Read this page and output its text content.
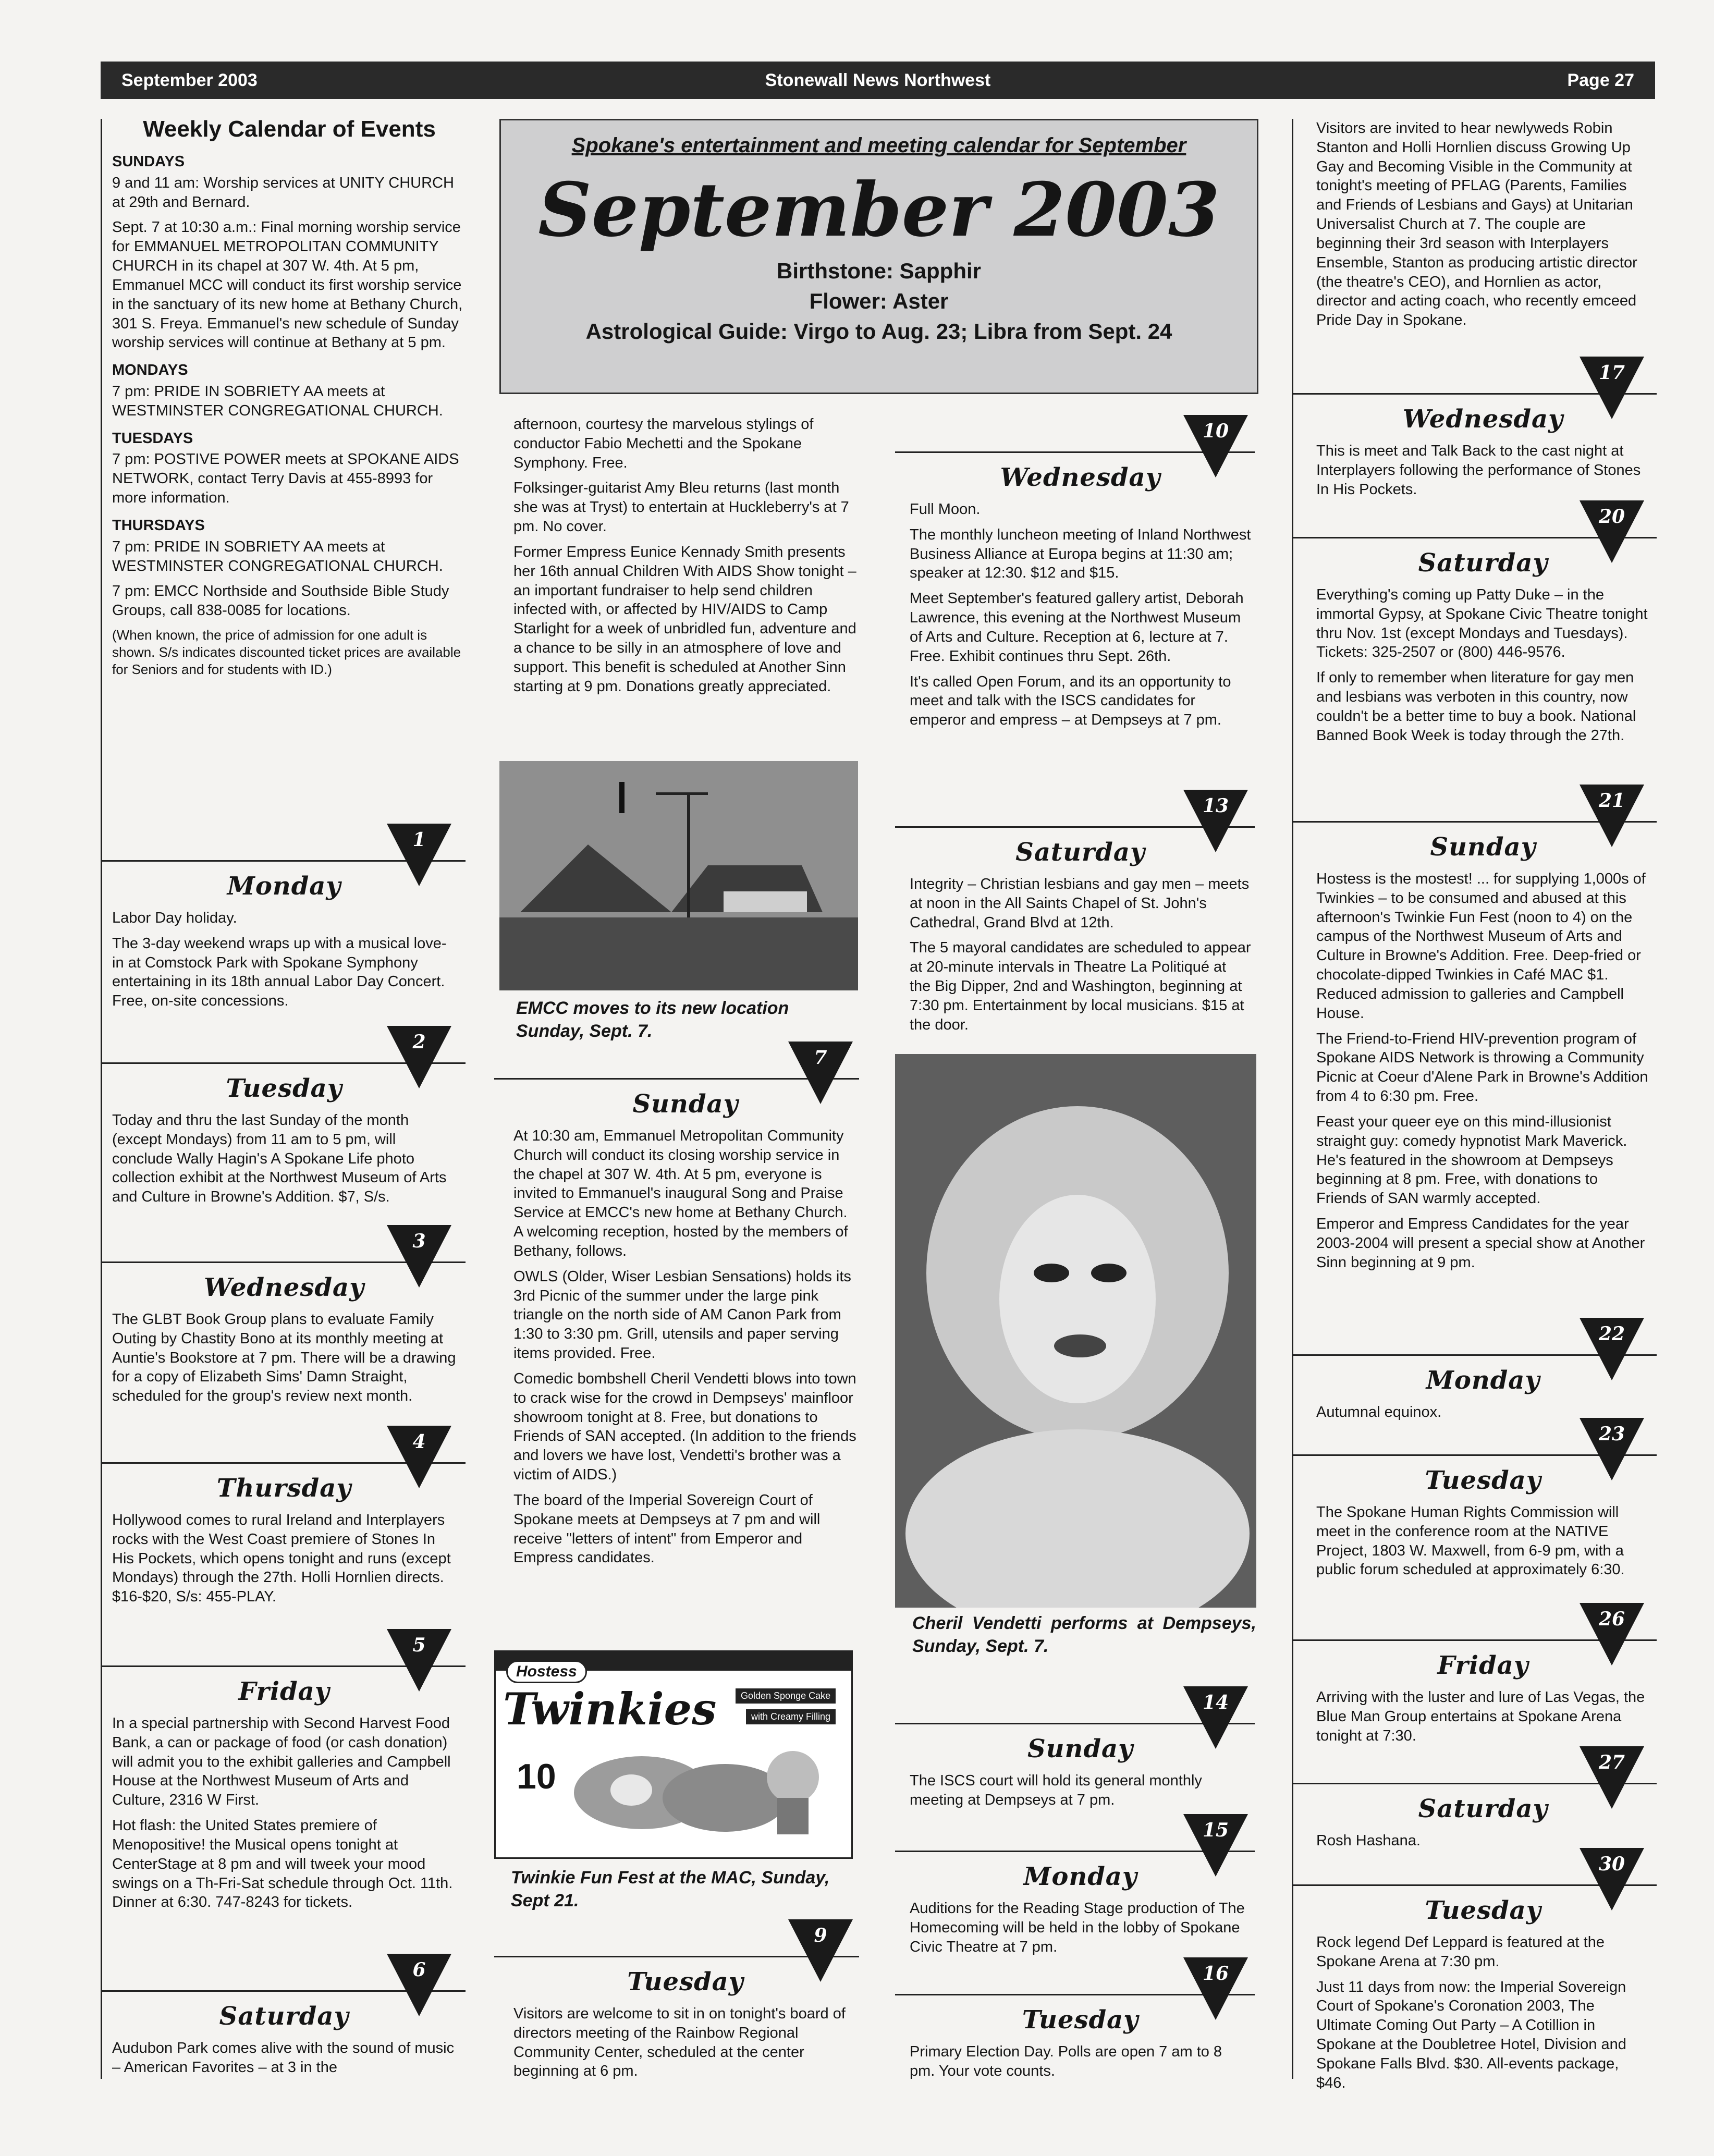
September 2003	Stonewall News Northwest	Page 27
Spokane's entertainment and meeting calendar for September
September 2003
Birthstone: Sapphir
Flower: Aster
Astrological Guide: Virgo to Aug. 23; Libra from Sept. 24
Weekly Calendar of Events
SUNDAYS

9 and 11 am: Worship services at UNITY CHURCH at 29th and Bernard.

Sept. 7 at 10:30 a.m.: Final morning worship service for EMMANUEL METROPOLITAN COMMUNITY CHURCH in its chapel at 307 W. 4th. At 5 pm, Emmanuel MCC will conduct its first worship service in the sanctuary of its new home at Bethany Church, 301 S. Freya. Emmanuel's new schedule of Sunday worship services will continue at Bethany at 5 pm.

MONDAYS

7 pm: PRIDE IN SOBRIETY AA meets at WESTMINSTER CONGREGATIONAL CHURCH.

TUESDAYS

7 pm: POSTIVE POWER meets at SPOKANE AIDS NETWORK, contact Terry Davis at 455-8993 for more information.

THURSDAYS

7 pm: PRIDE IN SOBRIETY AA meets at WESTMINSTER CONGREGATIONAL CHURCH.

7 pm: EMCC Northside and Southside Bible Study Groups, call 838-0085 for locations.

(When known, the price of admission for one adult is shown. S/s indicates discounted ticket prices are available for Seniors and for students with ID.)

1
Monday

Labor Day holiday.

The 3-day weekend wraps up with a musical love-in at Comstock Park with Spokane Symphony entertaining in its 18th annual Labor Day Concert. Free, on-site concessions.

2
Tuesday

Today and thru the last Sunday of the month (except Mondays) from 11 am to 5 pm, will conclude Wally Hagin's A Spokane Life photo collection exhibit at the Northwest Museum of Arts and Culture in Browne's Addition. $7, S/s.

3
Wednesday

The GLBT Book Group plans to evaluate Family Outing by Chastity Bono at its monthly meeting at Auntie's Bookstore at 7 pm. There will be a drawing for a copy of Elizabeth Sims' Damn Straight, scheduled for the group's review next month.

4
Thursday

Hollywood comes to rural Ireland and Interplayers rocks with the West Coast premiere of Stones In His Pockets, which opens tonight and runs (except Mondays) through the 27th. Holli Hornlien directs. $16-$20, S/s: 455-PLAY.

5
Friday

In a special partnership with Second Harvest Food Bank, a can or package of food (or cash donation) will admit you to the exhibit galleries and Campbell House at the Northwest Museum of Arts and Culture, 2316 W First.

Hot flash: the United States premiere of Menopositive! the Musical opens tonight at CenterStage at 8 pm and will tweek your mood swings on a Th-Fri-Sat schedule through Oct. 11th. Dinner at 6:30. 747-8243 for tickets.

6
Saturday

Audubon Park comes alive with the sound of music – American Favorites – at 3 in the

7
Sunday

At 10:30 am, Emmanuel Metropolitan Community Church will conduct its closing worship service in the chapel at 307 W. 4th. At 5 pm, everyone is invited to Emmanuel's inaugural Song and Praise Service at EMCC's new home at Bethany Church. A welcoming reception, hosted by the members of Bethany, follows.

OWLS (Older, Wiser Lesbian Sensations) holds its 3rd Picnic of the summer under the large pink triangle on the north side of AM Canon Park from 1:30 to 3:30 pm. Grill, utensils and paper serving items provided. Free.

Comedic bombshell Cheril Vendetti blows into town to crack wise for the crowd in Dempseys' mainfloor showroom tonight at 8. Free, but donations to Friends of SAN accepted. (In addition to the friends and lovers we have lost, Vendetti's brother was a victim of AIDS.)

The board of the Imperial Sovereign Court of Spokane meets at Dempseys at 7 pm and will receive "letters of intent" from Emperor and Empress candidates.

9
Tuesday

Visitors are welcome to sit in on tonight's board of directors meeting of the Rainbow Regional Community Center, scheduled at the center beginning at 6 pm.

10
Wednesday

Full Moon.

The monthly luncheon meeting of Inland Northwest Business Alliance at Europa begins at 11:30 am; speaker at 12:30. $12 and $15.

Meet September's featured gallery artist, Deborah Lawrence, this evening at the Northwest Museum of Arts and Culture. Reception at 6, lecture at 7. Free. Exhibit continues thru Sept. 26th.

It's called Open Forum, and its an opportunity to meet and talk with the ISCS candidates for emperor and empress – at Dempseys at 7 pm.

13
Saturday

Integrity – Christian lesbians and gay men – meets at noon in the All Saints Chapel of St. John's Cathedral, Grand Blvd at 12th.

The 5 mayoral candidates are scheduled to appear at 20-minute intervals in Theatre La Politiqué at the Big Dipper, 2nd and Washington, beginning at 7:30 pm. Entertainment by local musicians. $15 at the door.

14
Sunday

The ISCS court will hold its general monthly meeting at Dempseys at 7 pm.

15
Monday

Auditions for the Reading Stage production of The Homecoming will be held in the lobby of Spokane Civic Theatre at 7 pm.

16
Tuesday

Primary Election Day. Polls are open 7 am to 8 pm. Your vote counts.

17
Wednesday

This is meet and Talk Back to the cast night at Interplayers following the performance of Stones In His Pockets.

20
Saturday

Everything's coming up Patty Duke – in the immortal Gypsy, at Spokane Civic Theatre tonight thru Nov. 1st (except Mondays and Tuesdays). Tickets: 325-2507 or (800) 446-9576.

If only to remember when literature for gay men and lesbians was verboten in this country, now couldn't be a better time to buy a book. National Banned Book Week is today through the 27th.

21
Sunday

Hostess is the mostest! ... for supplying 1,000s of Twinkies – to be consumed and abused at this afternoon's Twinkie Fun Fest (noon to 4) on the campus of the Northwest Museum of Arts and Culture in Browne's Addition. Free. Deep-fried or chocolate-dipped Twinkies in Café MAC $1. Reduced admission to galleries and Campbell House.

The Friend-to-Friend HIV-prevention program of Spokane AIDS Network is throwing a Community Picnic at Coeur d'Alene Park in Browne's Addition from 4 to 6:30 pm. Free.

Feast your queer eye on this mind-illusionist straight guy: comedy hypnotist Mark Maverick. He's featured in the showroom at Dempseys beginning at 8 pm. Free, with donations to Friends of SAN warmly accepted.

Emperor and Empress Candidates for the year 2003-2004 will present a special show at Another Sinn beginning at 9 pm.

22
Monday

Autumnal equinox.

23
Tuesday

The Spokane Human Rights Commission will meet in the conference room at the NATIVE Project, 1803 W. Maxwell, from 6-9 pm, with a public forum scheduled at approximately 6:30.

26
Friday

Arriving with the luster and lure of Las Vegas, the Blue Man Group entertains at Spokane Arena tonight at 7:30.

27
Saturday

Rosh Hashana.

30
Tuesday

Rock legend Def Leppard is featured at the Spokane Arena at 7:30 pm.

Just 11 days from now: the Imperial Sovereign Court of Spokane's Coronation 2003, The Ultimate Coming Out Party – A Cotillion in Spokane at the Doubletree Hotel, Division and Spokane Falls Blvd. $30. All-events package, $46.

afternoon, courtesy the marvelous stylings of conductor Fabio Mechetti and the Spokane Symphony. Free.

Folksinger-guitarist Amy Bleu returns (last month she was at Tryst) to entertain at Huckleberry's at 7 pm. No cover.

Former Empress Eunice Kennady Smith presents her 16th annual Children With AIDS Show tonight – an important fundraiser to help send children infected with, or affected by HIV/AIDS to Camp Starlight for a week of unbridled fun, adventure and a chance to be silly in an atmosphere of love and support. This benefit is scheduled at Another Sinn starting at 9 pm. Donations greatly appreciated.

EMCC moves to its new location Sunday, Sept. 7.
Hostess
Twinkies	Golden Sponge Cake
with Creamy Filling
10
Twinkie Fun Fest at the MAC, Sunday, Sept 21.
Cheril Vendetti performs at Dempseys, Sunday, Sept. 7.

Visitors are invited to hear newlyweds Robin Stanton and Holli Hornlien discuss Growing Up Gay and Becoming Visible in the Community at tonight's meeting of PFLAG (Parents, Families and Friends of Lesbians and Gays) at Unitarian Universalist Church at 7. The couple are beginning their 3rd season with Interplayers Ensemble, Stanton as producing artistic director (the theatre's CEO), and Hornlien as actor, director and acting coach, who recently emceed Pride Day in Spokane.
